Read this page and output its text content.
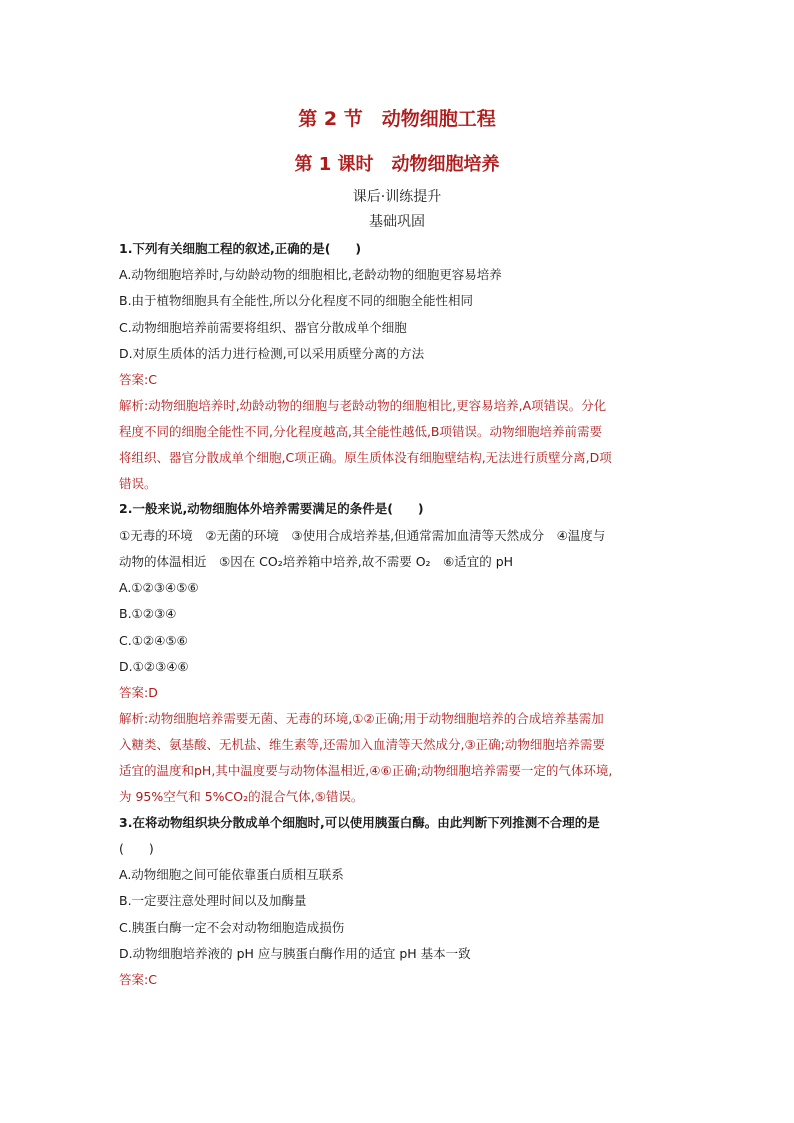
第 2 节　动物细胞工程
第 1 课时　动物细胞培养
课后·训练提升
基础巩固
1.下列有关细胞工程的叙述,正确的是(　　)
A.动物细胞培养时,与幼龄动物的细胞相比,老龄动物的细胞更容易培养
B.由于植物细胞具有全能性,所以分化程度不同的细胞全能性相同
C.动物细胞培养前需要将组织、器官分散成单个细胞
D.对原生质体的活力进行检测,可以采用质壁分离的方法
答案:C
解析:动物细胞培养时,幼龄动物的细胞与老龄动物的细胞相比,更容易培养,A项错误。分化
程度不同的细胞全能性不同,分化程度越高,其全能性越低,B项错误。动物细胞培养前需要
将组织、器官分散成单个细胞,C项正确。原生质体没有细胞壁结构,无法进行质壁分离,D项
错误。
2.一般来说,动物细胞体外培养需要满足的条件是(　　)
①无毒的环境　②无菌的环境　③使用合成培养基,但通常需加血清等天然成分　④温度与
动物的体温相近　⑤因在 CO₂培养箱中培养,故不需要 O₂　⑥适宜的 pH
A.①②③④⑤⑥
B.①②③④
C.①②④⑤⑥
D.①②③④⑥
答案:D
解析:动物细胞培养需要无菌、无毒的环境,①②正确;用于动物细胞培养的合成培养基需加
入糖类、氨基酸、无机盐、维生素等,还需加入血清等天然成分,③正确;动物细胞培养需要
适宜的温度和pH,其中温度要与动物体温相近,④⑥正确;动物细胞培养需要一定的气体环境,
为 95%空气和 5%CO₂的混合气体,⑤错误。
3.在将动物组织块分散成单个细胞时,可以使用胰蛋白酶。由此判断下列推测不合理的是
(　　)
A.动物细胞之间可能依靠蛋白质相互联系
B.一定要注意处理时间以及加酶量
C.胰蛋白酶一定不会对动物细胞造成损伤
D.动物细胞培养液的 pH 应与胰蛋白酶作用的适宜 pH 基本一致
答案:C
